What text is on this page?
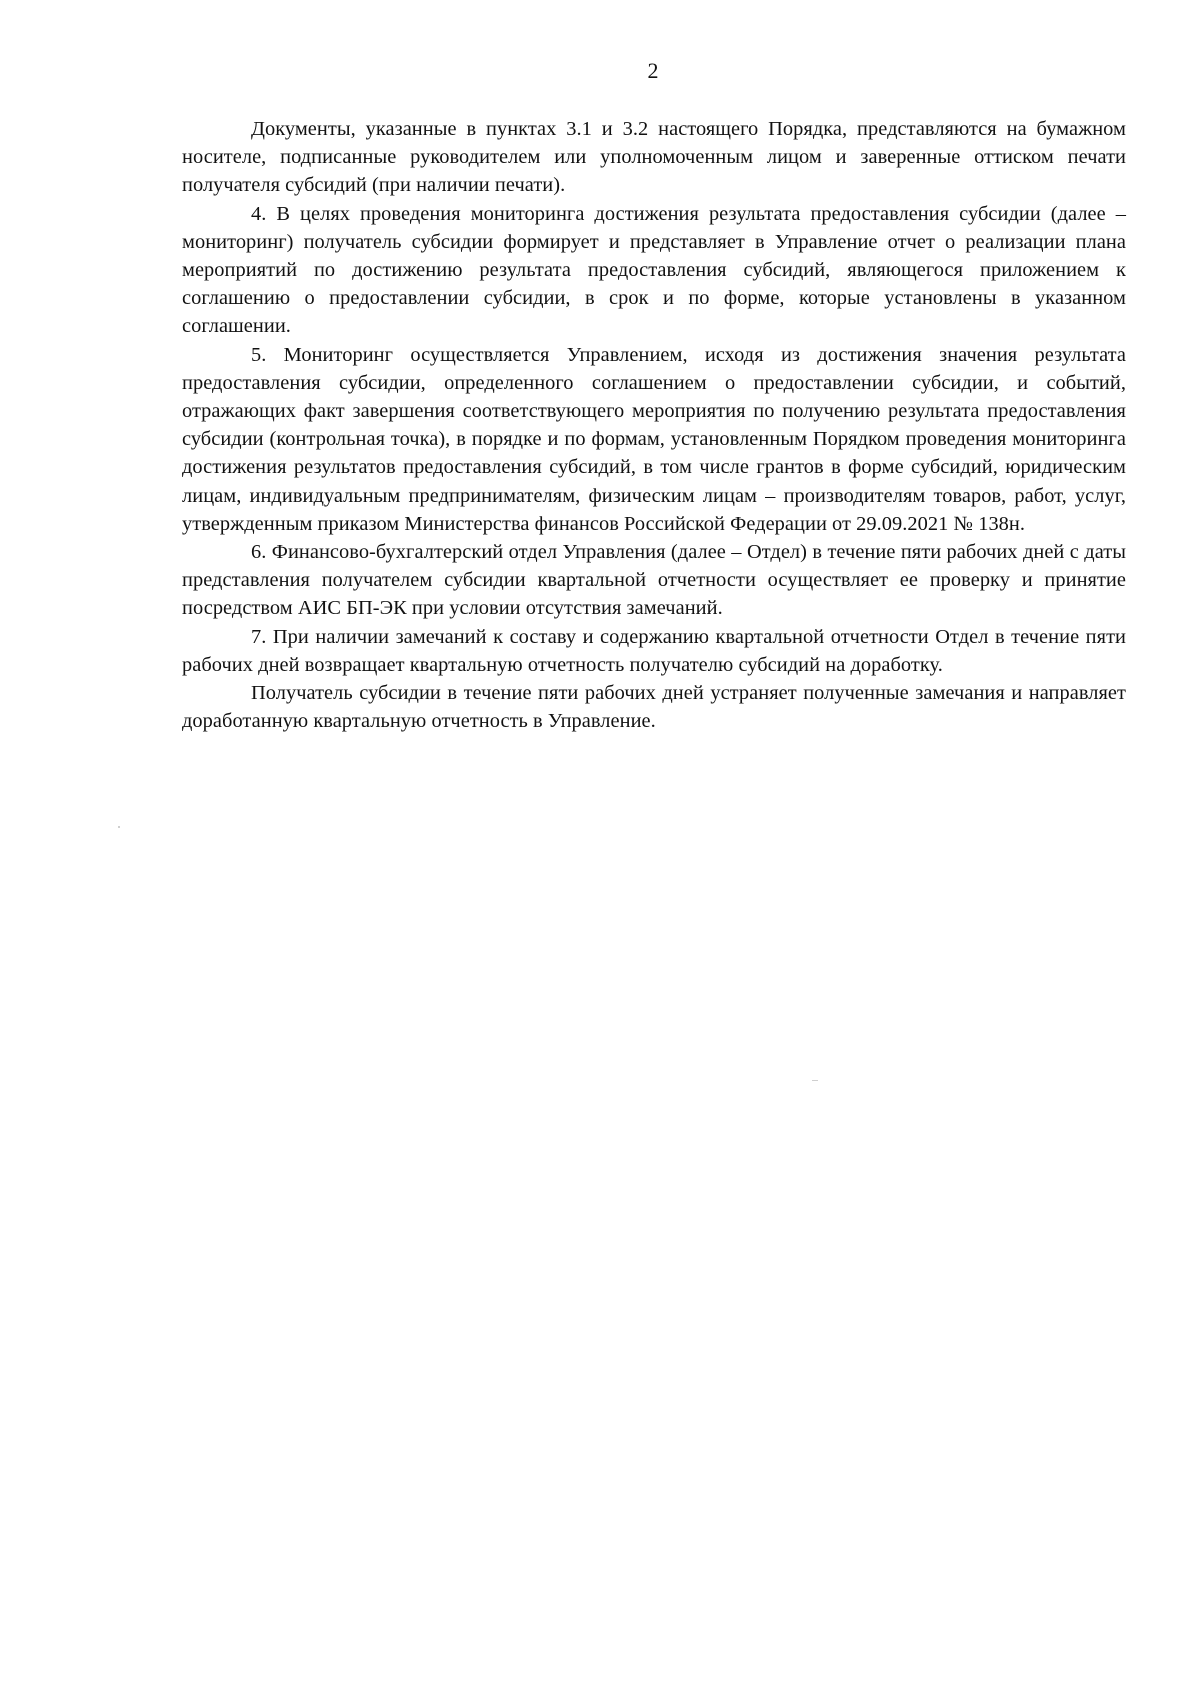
2

Документы, указанные в пунктах 3.1 и 3.2 настоящего Порядка, представляются на бумажном носителе, подписанные руководителем или уполномоченным лицом и заверенные оттиском печати получателя субсидий (при наличии печати).

4. В целях проведения мониторинга достижения результата предоставления субсидии (далее – мониторинг) получатель субсидии формирует и представляет в Управление отчет о реализации плана мероприятий по достижению результата предоставления субсидий, являющегося приложением к соглашению о предоставлении субсидии, в срок и по форме, которые установлены в указанном соглашении.

5. Мониторинг осуществляется Управлением, исходя из достижения значения результата предоставления субсидии, определенного соглашением о предоставлении субсидии, и событий, отражающих факт завершения соответствующего мероприятия по получению результата предоставления субсидии (контрольная точка), в порядке и по формам, установленным Порядком проведения мониторинга достижения результатов предоставления субсидий, в том числе грантов в форме субсидий, юридическим лицам, индивидуальным предпринимателям, физическим лицам – производителям товаров, работ, услуг, утвержденным приказом Министерства финансов Российской Федерации от 29.09.2021 № 138н.

6. Финансово-бухгалтерский отдел Управления (далее – Отдел) в течение пяти рабочих дней с даты представления получателем субсидии квартальной отчетности осуществляет ее проверку и принятие посредством АИС БП-ЭК при условии отсутствия замечаний.

7. При наличии замечаний к составу и содержанию квартальной отчетности Отдел в течение пяти рабочих дней возвращает квартальную отчетность получателю субсидий на доработку.

Получатель субсидии в течение пяти рабочих дней устраняет полученные замечания и направляет доработанную квартальную отчетность в Управление.
